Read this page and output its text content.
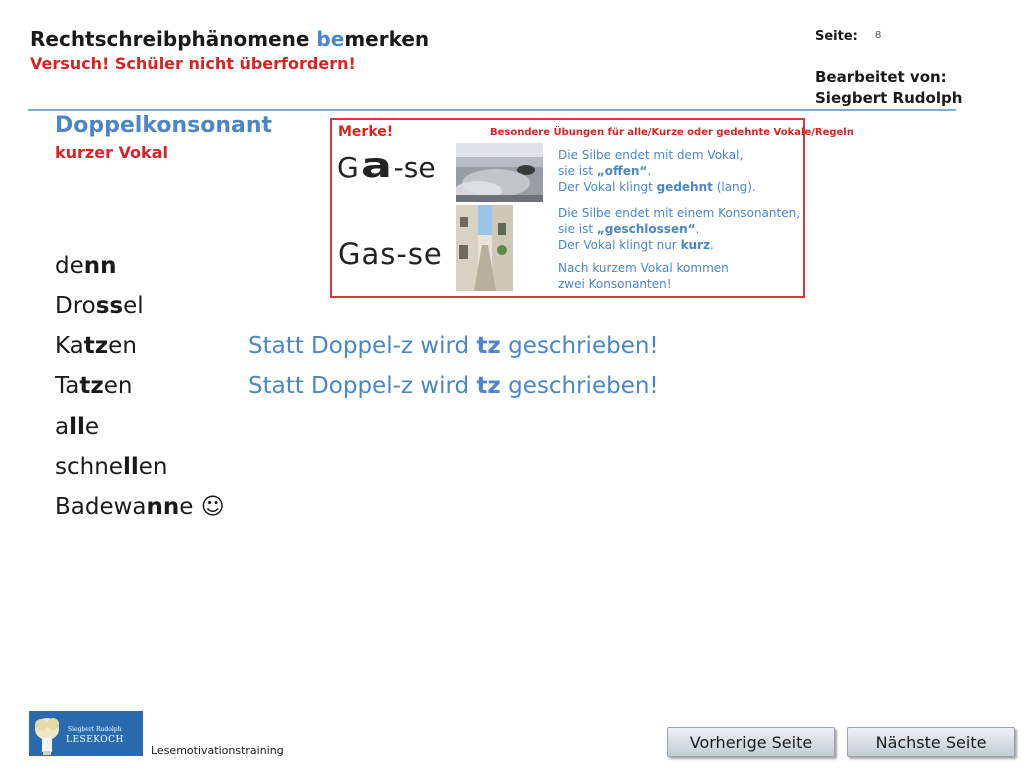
Rechtschreibphänomene bemerken
Versuch! Schüler nicht überfordern!
Seite: 8
Bearbeitet von:
Siegbert Rudolph
Doppelkonsonant
kurzer Vokal
Merke!	Besondere Übungen für alle/Kurze oder gedehnte Vokale/Regeln
Ga-se
Gas-se
Die Silbe endet mit dem Vokal,
sie ist „offen“.
Der Vokal klingt gedehnt (lang).
Die Silbe endet mit einem Konsonanten,
sie ist „geschlossen“.
Der Vokal klingt nur kurz.
Nach kurzem Vokal kommen
zwei Konsonanten!
denn
Drossel
Katzen
Tatzen
alle
schnellen
Badewanne ☺
Statt Doppel-z wird tz geschrieben!
Statt Doppel-z wird tz geschrieben!
Siegbert Rudolph
LESEKOCH
Lesemotivationstraining	Vorherige Seite	Nächste Seite
